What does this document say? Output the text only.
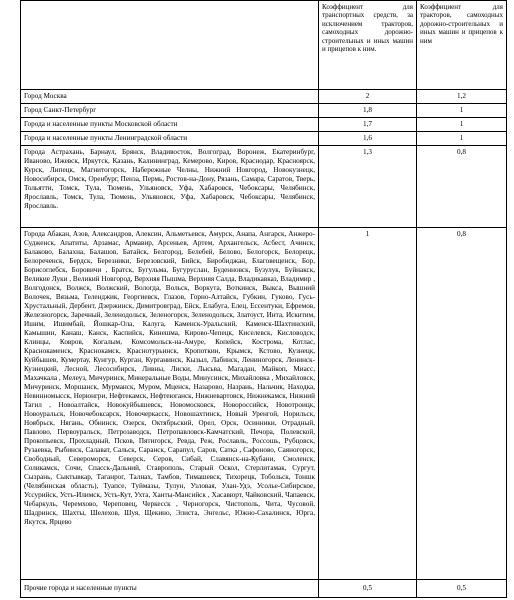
	Коэффициент для транспортных средств, за исключением тракторов, самоходных дорожно-строительных и иных машин и прицепов к ним.	Коэффициент для тракторов, самоходных дорожно-строительных и иных машин и прицепов к ним
Город Москва	2	1,2
Город Санкт-Петербург	1,8	1
Города и населенные пункты Московской области	1,7	1
Города и населенные пункты Ленинградской области	1,6	1
Города Астрахань, Барнаул, Брянск, Владивосток, Волгоград, Воронеж, Екатеринбург, Иваново, Ижевск, Иркутск, Казань, Калининград, Кемерово, Киров, Краснодар, Красноярск, Курск, Липецк, Магнитогорск, Набережные Челны, Нижний Новгород, Новокузнецк, Новосибирск, Омск, Оренбург, Пенза, Пермь, Ростов-на-Дону, Рязань, Самара, Саратов, Тверь, Тольятти, Томск, Тула, Тюмень, Ульяновск, Уфа, Хабаровск, Чебоксары, Челябинск, Ярославль, Томск, Тула, Тюмень, Ульяновск, Уфа, Хабаровск, Чебоксары, Челябинск, Ярославль.	1,3	0,8
Города Абакан, Азов, Александров, Алексин, Альметьевск, Амурск, Анапа, Ангарск, Анжеро-Судженск, Апатиты, Арзамас, Армавир, Арсеньев, Артем, Архангельск, Асбест, Ачинск, Балаково, Балахна, Балашов, Батайск, Белгород, Белебей, Белово, Белогорск, Белорецк, Белореченск, Бердск, Березники, Березовский, Бийск, Биробиджан, Благовещенск, Бор, Борисоглебск, Боровичи , Братск, Бугульма, Бугуруслан, Буденновск, Бузулук, Буйнакск, Великие Луки , Великий Новгород, Верхняя Пышма, Верхняя Салда, Владикавказ, Владимир , Волгодонск, Волжск, Волжский, Вологда, Вольск, Воркута, Воткинск, Выкса, Вышний Волочек, Вязьма, Геленджик, Георгиевск, Глазов, Горно-Алтайск, Губкин, Гуково, Гусь-Хрустальный, Дербент, Дзержинск, Димитровград, Ейск, Елабуга, Елец, Ессентуки, Ефремов, Железногорск, Заречный, Зеленодольск, Зеленогорск, Зеленодольск, Златоуст, Инта, Искитим, Ишим, Ишимбай, Йошкар-Ола, Калуга, Каменск-Уральский, Каменск-Шахтинский, Камышин, Канаш, Канск, Каспийск, Кинешма, Кирово-Чепецк, Киселевск, Кисловодск, Клинцы, Ковров, Когалым, Комсомольск-на-Амуре, Копейск, Кострома, Котлас, Краснокаменск, Краснокамск, Краснотурьинск, Кропоткин, Крымск, Кстово, Кузнецк, Куйбышев, Кумертау, Кунгур, Курган, Курганинск, Кызыл, Лабинск, Лениногорск, Ленинск-Кузнецкий, Лесной, Лесосибирск, Ливны, Лиски, Лысьва, Магадан, Майкоп, Миасс, Махачкала , Мелеуз, Мичуринск, Минеральные Воды, Минусинск, Михайловка , Михайловск, Мичуринск, Моршанск, Мурманск, Муром, Мценск, Назарово, Назрань, Нальчик, Находка, Невинномысск, Нерюнгри, Нефтекамск, Нефтеюганск, Нижневартовск, Нижнекамск, Нижний Тагил , Новоалтайск, Новокуйбышевск, Новомосковск, Новороссийск, Новотроицк, Новоуральск, Новочебоксарск, Новочеркасск, Новошахтинск, Новый Уренгой, Норильск, Ноябрьск, Нягань, Обнинск, Озерск, Октябрьский, Орел, Орск, Осинники, Отрадный, Павлово, Первоуральск, Петрозаводск, Петропавловск-Камчатский, Печора, Полевской, Прокопьевск, Прохладный, Псков, Пятигорск, Ревда, Реж, Рославль, Россошь, Рубцовск, Рузаевка, Рыбинск, Салават, Сальск, Саранск, Сарапул, Саров, Сатка , Сафоново, Саяногорск, Свободный, Североморск, Северск, Серов, Сибай, Славянск-на-Кубани, Смоленск, Соликамск, Сочи, Спасск-Дальний, Ставрополь, Старый Оскол, Стерлитамак, Сургут, Сызрань, Сыктывкар, Таганрог, Талнах, Тамбов, Тимашевск, Тихорецк, Тобольск, Тоншк (Челябинская область), Туапсе, Туймазы, Тулун, Узловая, Улан-Удэ, Усолье-Сибирское, Уссурийск, Усть-Илимск, Усть-Кут, Ухта, Ханты-Мансийск , Хасавюрт, Чайковский, Чапаевск, Чебаркуль, Черемхово, Череповец, Черкесск , Черногорск, Чистополь, Чита, Чусовой, Шадринск, Шахты, Шелехов, Шуя, Щекино, Элиста, Энгельс, Южно-Сахалинск, Юрга, Якутск, Ярцево	1	0,8
Прочие города и населенные пункты	0,5	0,5
